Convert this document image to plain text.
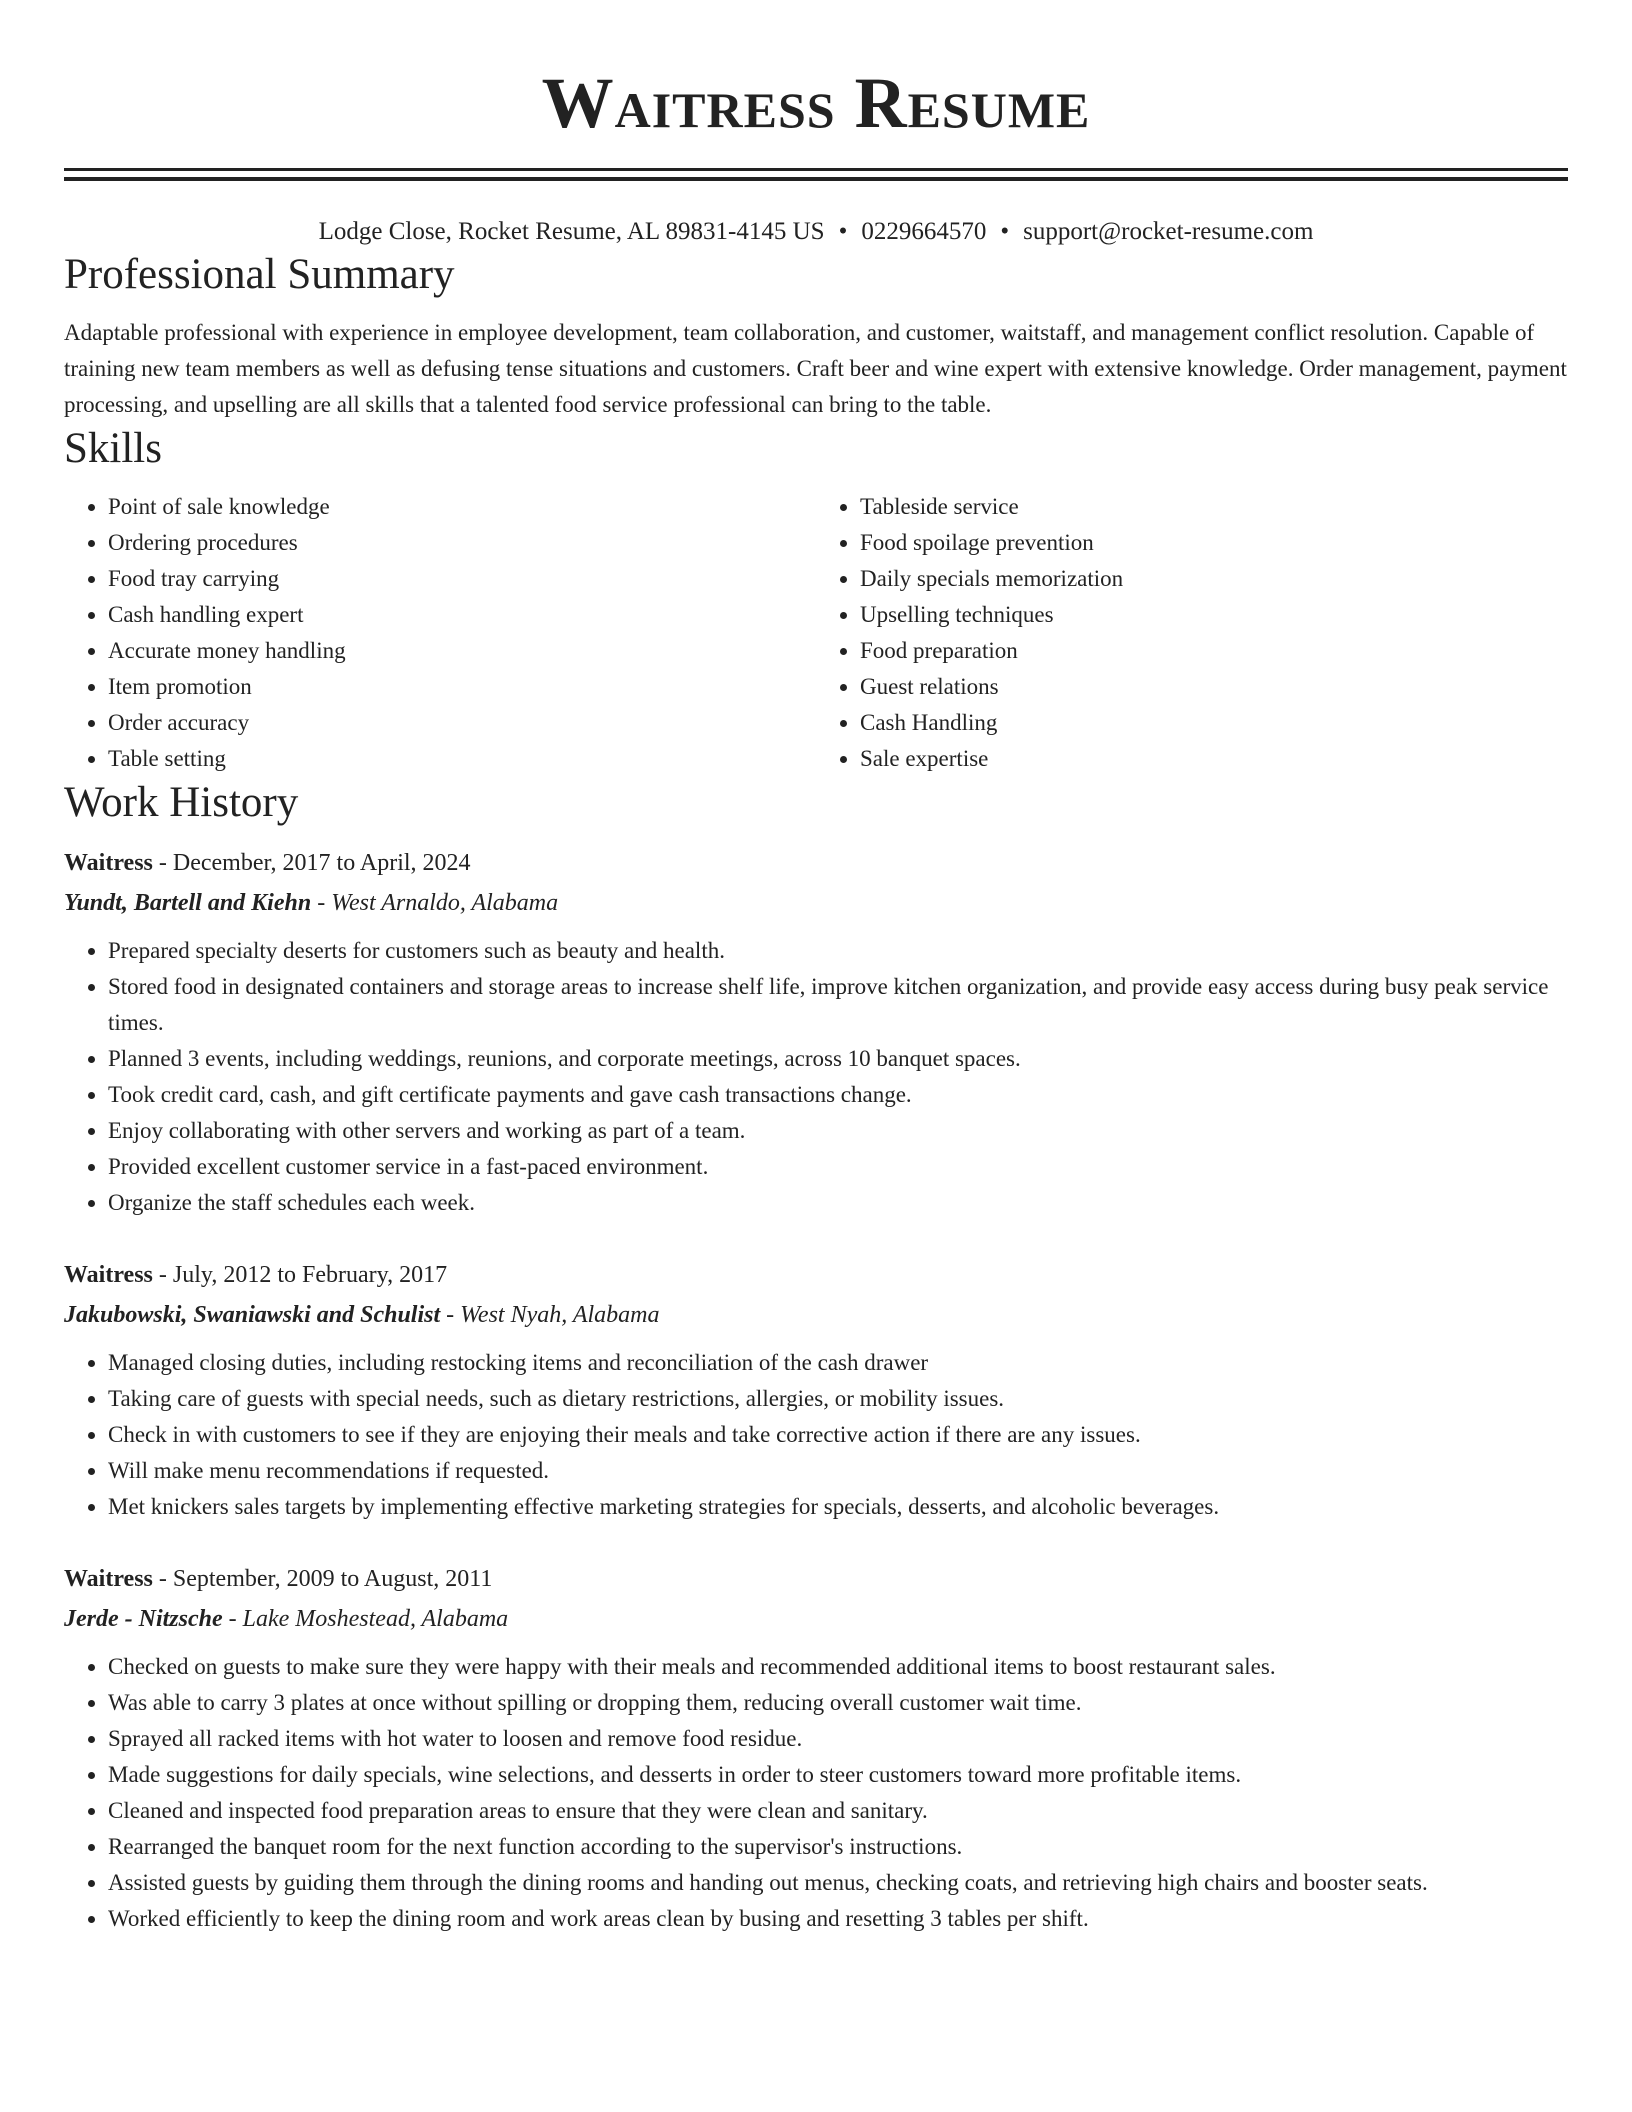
Waitress Resume
Lodge Close, Rocket Resume, AL 89831-4145 US • 0229664570 • support@rocket-resume.com
Professional Summary

Adaptable professional with experience in employee development, team collaboration, and customer, waitstaff, and management conflict resolution. Capable of training new team members as well as defusing tense situations and customers. Craft beer and wine expert with extensive knowledge. Order management, payment processing, and upselling are all skills that a talented food service professional can bring to the table.

Skills
• Point of sale knowledge
• Ordering procedures
• Food tray carrying
• Cash handling expert
• Accurate money handling
• Item promotion
• Order accuracy
• Table setting
• Tableside service
• Food spoilage prevention
• Daily specials memorization
• Upselling techniques
• Food preparation
• Guest relations
• Cash Handling
• Sale expertise
Work History
Waitress - December, 2017 to April, 2024
Yundt, Bartell and Kiehn - West Arnaldo, Alabama
• Prepared specialty deserts for customers such as beauty and health.
• Stored food in designated containers and storage areas to increase shelf life, improve kitchen organization, and provide easy access during busy peak service times.
• Planned 3 events, including weddings, reunions, and corporate meetings, across 10 banquet spaces.
• Took credit card, cash, and gift certificate payments and gave cash transactions change.
• Enjoy collaborating with other servers and working as part of a team.
• Provided excellent customer service in a fast-paced environment.
• Organize the staff schedules each week.
Waitress - July, 2012 to February, 2017
Jakubowski, Swaniawski and Schulist - West Nyah, Alabama
• Managed closing duties, including restocking items and reconciliation of the cash drawer
• Taking care of guests with special needs, such as dietary restrictions, allergies, or mobility issues.
• Check in with customers to see if they are enjoying their meals and take corrective action if there are any issues.
• Will make menu recommendations if requested.
• Met knickers sales targets by implementing effective marketing strategies for specials, desserts, and alcoholic beverages.
Waitress - September, 2009 to August, 2011
Jerde - Nitzsche - Lake Moshestead, Alabama
• Checked on guests to make sure they were happy with their meals and recommended additional items to boost restaurant sales.
• Was able to carry 3 plates at once without spilling or dropping them, reducing overall customer wait time.
• Sprayed all racked items with hot water to loosen and remove food residue.
• Made suggestions for daily specials, wine selections, and desserts in order to steer customers toward more profitable items.
• Cleaned and inspected food preparation areas to ensure that they were clean and sanitary.
• Rearranged the banquet room for the next function according to the supervisor's instructions.
• Assisted guests by guiding them through the dining rooms and handing out menus, checking coats, and retrieving high chairs and booster seats.
• Worked efficiently to keep the dining room and work areas clean by busing and resetting 3 tables per shift.
